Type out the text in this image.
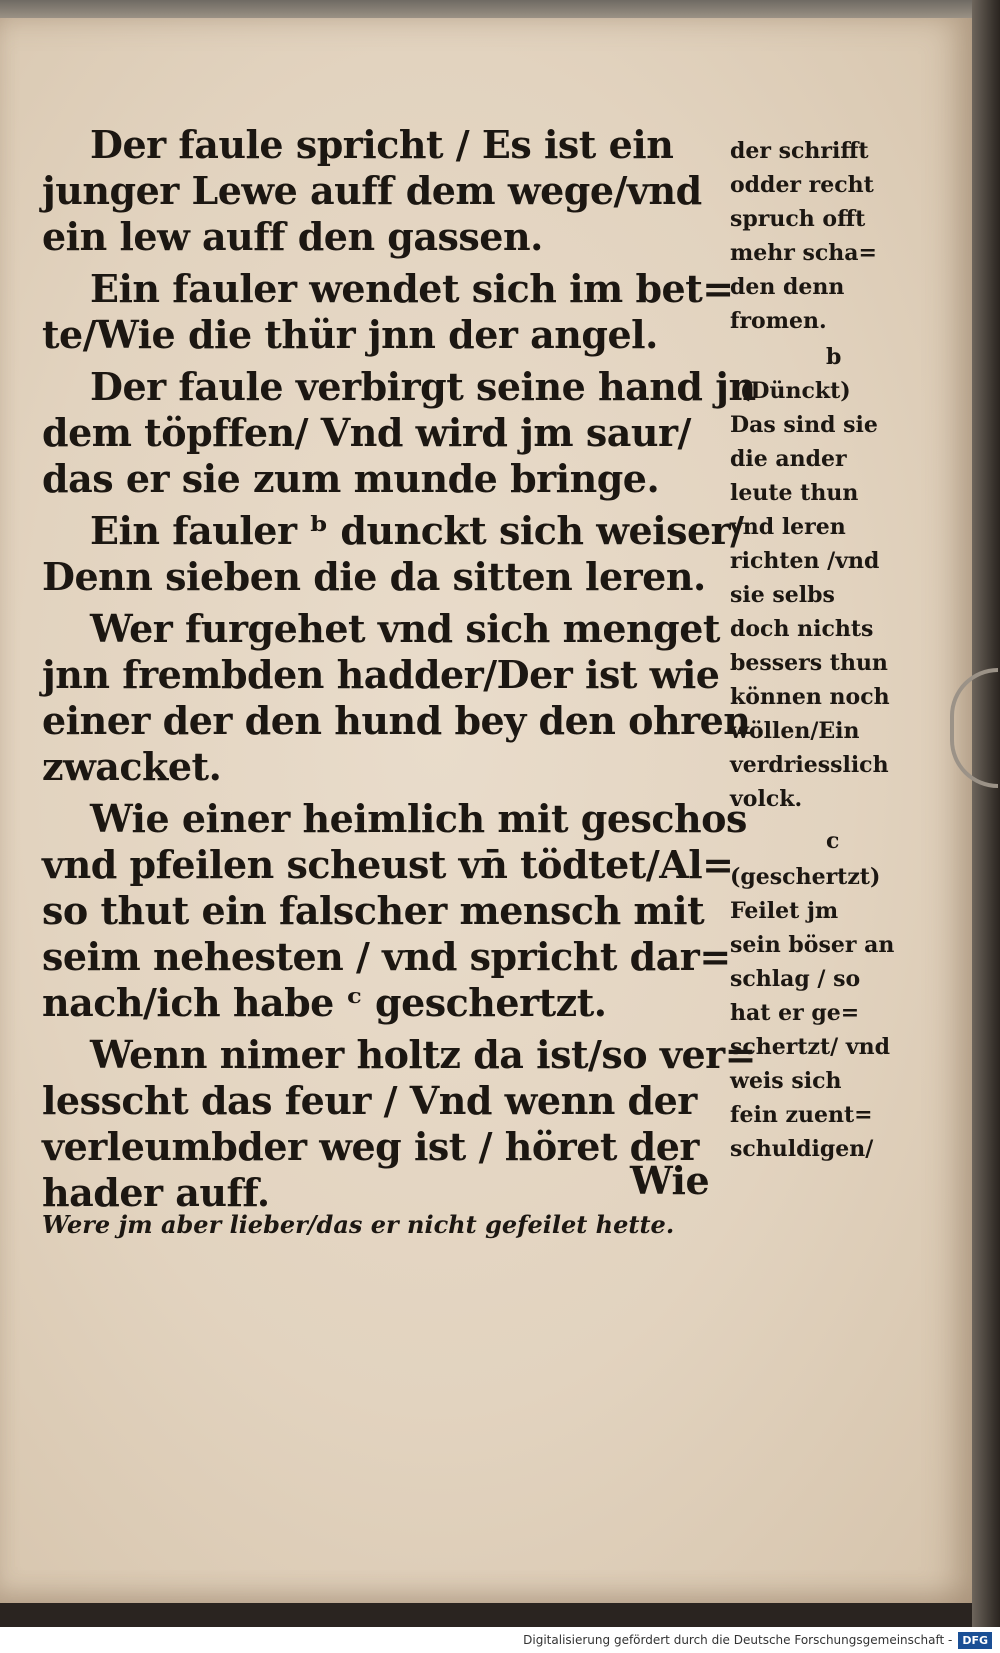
Der faule spricht / Es ist ein
junger Lewe auff dem wege/vnd
ein lew auff den gassen.
Ein fauler wendet sich im bet=
te/Wie die thür jnn der angel.
Der faule verbirgt seine hand jn
dem töpffen/ Vnd wird jm saur/
das er sie zum munde bringe.
Ein fauler ᵇ dunckt sich weiser/
Denn sieben die da sitten leren.
Wer furgehet vnd sich menget
jnn frembden hadder/Der ist wie
einer der den hund bey den ohren
zwacket.
Wie einer heimlich mit geschos
vnd pfeilen scheust vn̄ tödtet/Al=
so thut ein falscher mensch mit
seim nehesten / vnd spricht dar=
nach/ich habe ᶜ geschertzt.
Wenn nimer holtz da ist/so ver=
lesscht das feur / Vnd wenn der
verleumbder weg ist / höret der
hader auff.	Wie
der schrifft
odder recht
spruch offt
mehr scha=
den denn
fromen.
b
(Dünckt)
Das sind sie
die ander
leute thun
vnd leren
richten /vnd
sie selbs
doch nichts
bessers thun
können noch
wöllen/Ein
verdriesslich
volck.
c
(geschertzt)
Feilet jm
sein böser an
schlag / so
hat er ge=
schertzt/ vnd
weis sich
fein zuent=
schuldigen/
Were jm aber lieber/das er nicht gefeilet hette.
Digitalisierung gefördert durch die Deutsche Forschungsgemeinschaft - DFG
